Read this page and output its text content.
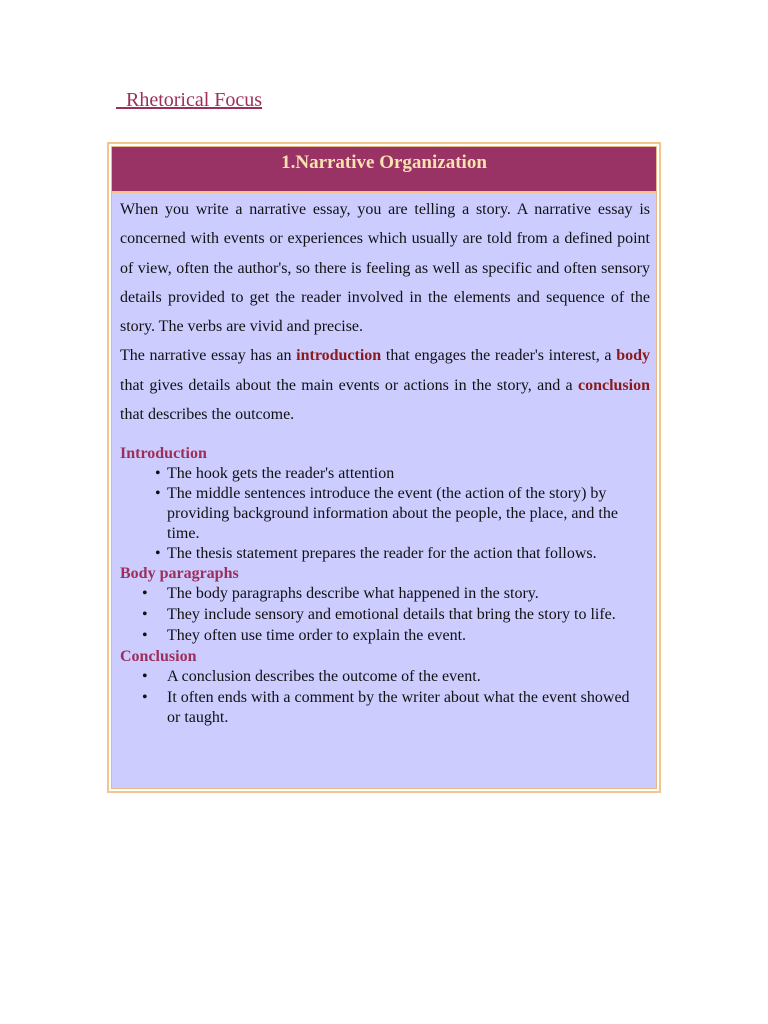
Rhetorical Focus
1.Narrative Organization

When you write a narrative essay, you are telling a story. A narrative essay is concerned with events or experiences which usually are told from a defined point of view, often the author's, so there is feeling as well as specific and often sensory details provided to get the reader involved in the elements and sequence of the story. The verbs are vivid and precise.

The narrative essay has an introduction that engages the reader's interest, a body that gives details about the main events or actions in the story, and a conclusion that describes the outcome.

Introduction

• The hook gets the reader's attention
• The middle sentences introduce the event (the action of the story) by providing background information about the people, the place, and the time.
• The thesis statement prepares the reader for the action that follows.

Body paragraphs

•	The body paragraphs describe what happened in the story.
•	They include sensory and emotional details that bring the story to life.
•	They often use time order to explain the event.

Conclusion

•	A conclusion describes the outcome of the event.
•	It often ends with a comment by the writer about what the event showed
or taught.
